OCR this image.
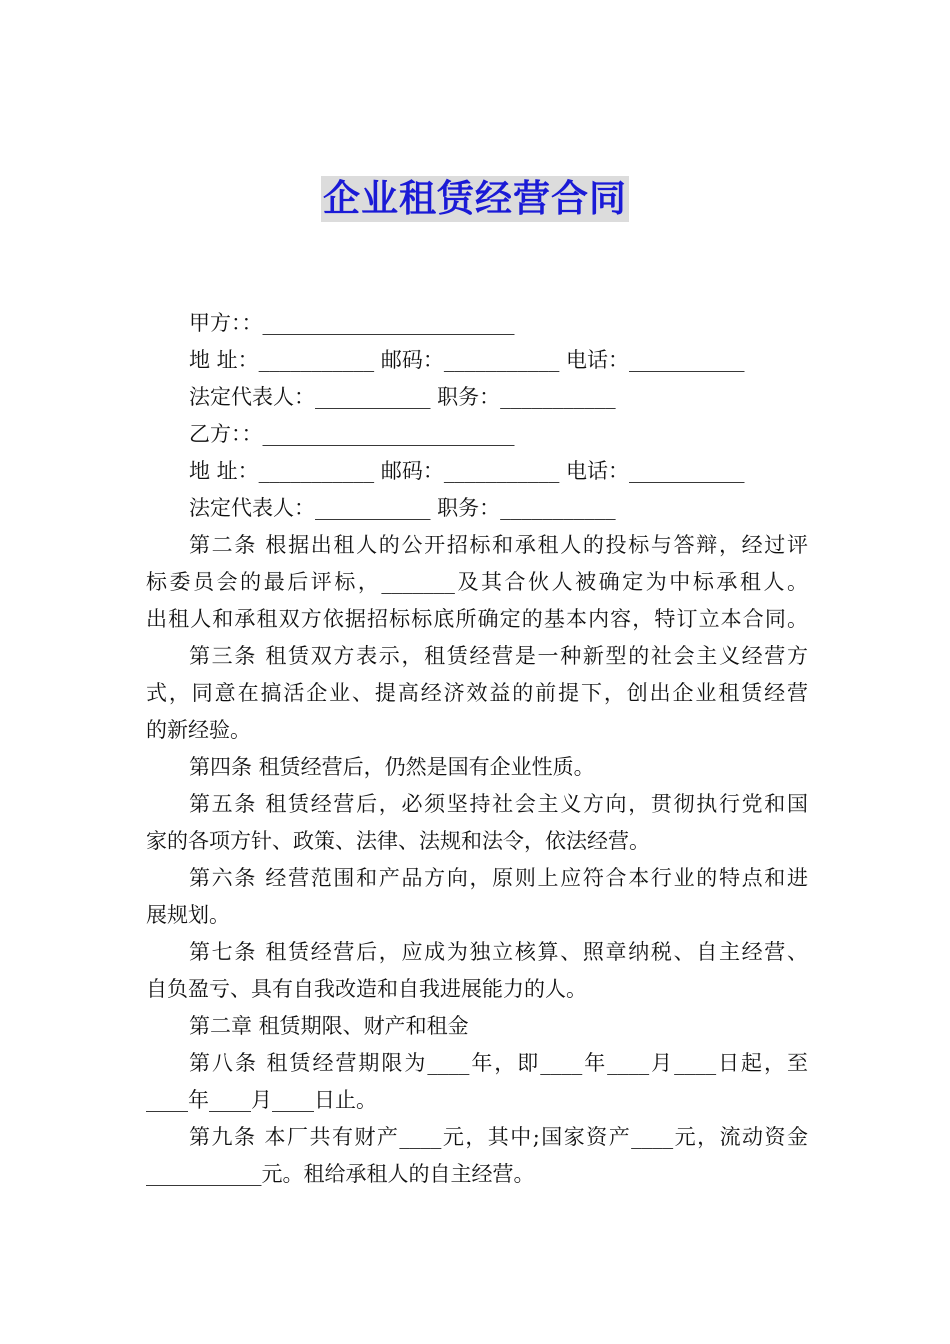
企业租赁经营合同
甲方：：________________________
地 址：___________ 邮码：___________ 电话：___________
法定代表人：___________ 职务：___________
乙方：：________________________
地 址：___________ 邮码：___________ 电话：___________
法定代表人：___________ 职务：___________
第二条 根据出租人的公开招标和承租人的投标与答辩，经过评
标委员会的最后评标，_______及其合伙人被确定为中标承租人。
出租人和承租双方依据招标标底所确定的基本内容，特订立本合同。
第三条 租赁双方表示，租赁经营是一种新型的社会主义经营方
式，同意在搞活企业、提高经济效益的前提下，创出企业租赁经营
的新经验。
第四条 租赁经营后，仍然是国有企业性质。
第五条 租赁经营后，必须坚持社会主义方向，贯彻执行党和国
家的各项方针、政策、法律、法规和法令，依法经营。
第六条 经营范围和产品方向，原则上应符合本行业的特点和进
展规划。
第七条 租赁经营后，应成为独立核算、照章纳税、自主经营、
自负盈亏、具有自我改造和自我进展能力的人。
第二章 租赁期限、财产和租金
第八条 租赁经营期限为____年，即____年____月____日起，至
____年____月____日止。
第九条 本厂共有财产____元，其中;国家资产____元，流动资金
___________元。租给承租人的自主经营。
